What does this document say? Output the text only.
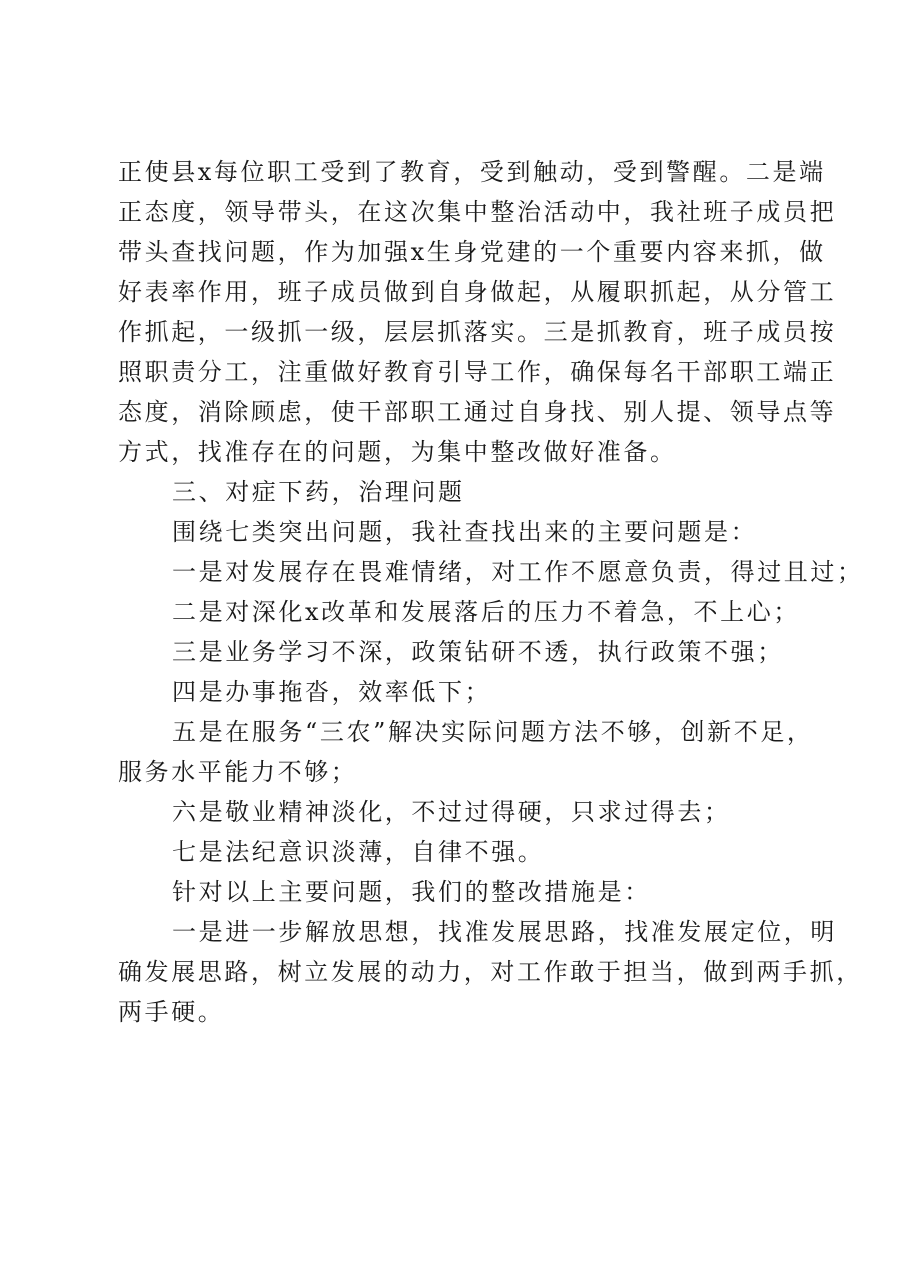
正使县x每位职工受到了教育，受到触动，受到警醒。二是端
正态度，领导带头，在这次集中整治活动中，我社班子成员把
带头查找问题，作为加强x生身党建的一个重要内容来抓，做
好表率作用，班子成员做到自身做起，从履职抓起，从分管工
作抓起，一级抓一级，层层抓落实。三是抓教育，班子成员按
照职责分工，注重做好教育引导工作，确保每名干部职工端正
态度，消除顾虑，使干部职工通过自身找、别人提、领导点等
方式，找准存在的问题，为集中整改做好准备。
三、对症下药，治理问题
围绕七类突出问题，我社查找出来的主要问题是：
一是对发展存在畏难情绪，对工作不愿意负责，得过且过；
二是对深化x改革和发展落后的压力不着急，不上心；
三是业务学习不深，政策钻研不透，执行政策不强；
四是办事拖沓，效率低下；
五是在服务“三农”解决实际问题方法不够，创新不足，
服务水平能力不够；
六是敬业精神淡化，不过过得硬，只求过得去；
七是法纪意识淡薄，自律不强。
针对以上主要问题，我们的整改措施是：
一是进一步解放思想，找准发展思路，找准发展定位，明
确发展思路，树立发展的动力，对工作敢于担当，做到两手抓，
两手硬。
